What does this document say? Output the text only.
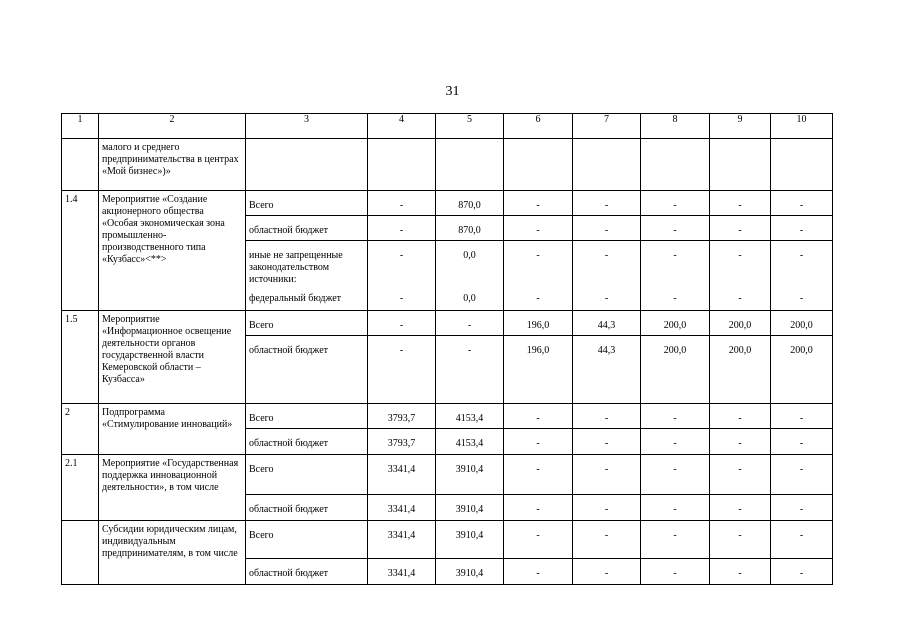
31
1	2	3	4	5	6	7	8	9	10
	малого и среднего предпринимательства в центрах «Мой бизнес»)»								
1.4	Мероприятие «Создание акционерного общества «Особая экономическая зона промышленно-производственного типа «Кузбасс»<**>	Всего	-	870,0	-	-	-	-	-
		областной бюджет	-	870,0	-	-	-	-	-
		иные не запрещенные законодательством источники:	-	0,0	-	-	-	-	-
		федеральный бюджет	-	0,0	-	-	-	-	-
1.5	Мероприятие «Информационное освещение деятельности органов государственной власти Кемеровской области – Кузбасса»	Всего	-	-	196,0	44,3	200,0	200,0	200,0
		областной бюджет	-	-	196,0	44,3	200,0	200,0	200,0
2	Подпрограмма «Стимулирование инноваций»	Всего	3793,7	4153,4	-	-	-	-	-
		областной бюджет	3793,7	4153,4	-	-	-	-	-
2.1	Мероприятие «Государственная поддержка инновационной деятельности», в том числе	Всего	3341,4	3910,4	-	-	-	-	-
		областной бюджет	3341,4	3910,4	-	-	-	-	-
	Субсидии юридическим лицам, индивидуальным предпринимателям, в том числе	Всего	3341,4	3910,4	-	-	-	-	-
		областной бюджет	3341,4	3910,4	-	-	-	-	-
